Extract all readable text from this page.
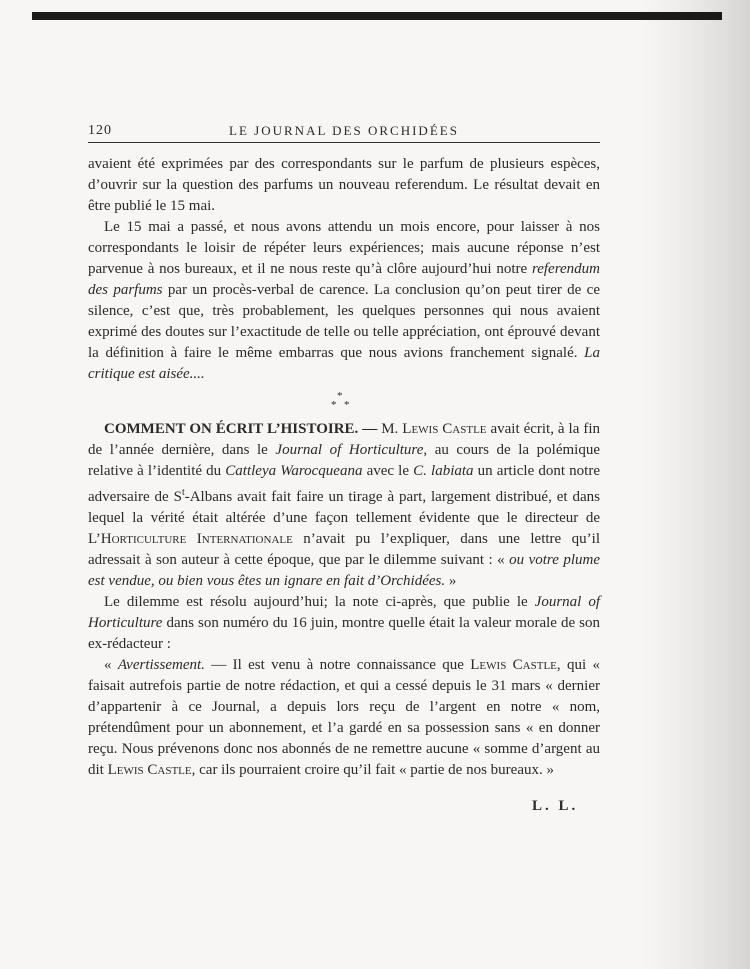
120	LE JOURNAL DES ORCHIDÉES

avaient été exprimées par des correspondants sur le parfum de plusieurs espèces, d’ouvrir sur la question des parfums un nouveau referendum. Le résultat devait en être publié le 15 mai.

Le 15 mai a passé, et nous avons attendu un mois encore, pour laisser à nos correspondants le loisir de répéter leurs expériences; mais aucune réponse n’est parvenue à nos bureaux, et il ne nous reste qu’à clôre aujourd’hui notre referendum des parfums par un procès-verbal de carence. La conclusion qu’on peut tirer de ce silence, c’est que, très probablement, les quelques personnes qui nous avaient exprimé des doutes sur l’exactitude de telle ou telle appréciation, ont éprouvé devant la définition à faire le même embarras que nous avions franchement signalé. La critique est aisée....

*
* *

COMMENT ON ÉCRIT L’HISTOIRE. — M. Lewis Castle avait écrit, à la fin de l’année dernière, dans le Journal of Horticulture, au cours de la polémique relative à l’identité du Cattleya Warocqueana avec le C. labiata un article dont notre adversaire de $S^t$-Albans avait fait faire un tirage à part, largement distribué, et dans lequel la vérité était altérée d’une façon tellement évidente que le directeur de L’Horticulture Internationale n’avait pu l’expliquer, dans une lettre qu’il adressait à son auteur à cette époque, que par le dilemme suivant : « ou votre plume est vendue, ou bien vous êtes un ignare en fait d’Orchidées. »

Le dilemme est résolu aujourd’hui; la note ci-après, que publie le Journal of Horticulture dans son numéro du 16 juin, montre quelle était la valeur morale de son ex-rédacteur :

« Avertissement. — Il est venu à notre connaissance que Lewis Castle, qui « faisait autrefois partie de notre rédaction, et qui a cessé depuis le 31 mars « dernier d’appartenir à ce Journal, a depuis lors reçu de l’argent en notre « nom, prétendûment pour un abonnement, et l’a gardé en sa possession sans « en donner reçu. Nous prévenons donc nos abonnés de ne remettre aucune « somme d’argent au dit Lewis Castle, car ils pourraient croire qu’il fait « partie de nos bureaux. »

L. L.
